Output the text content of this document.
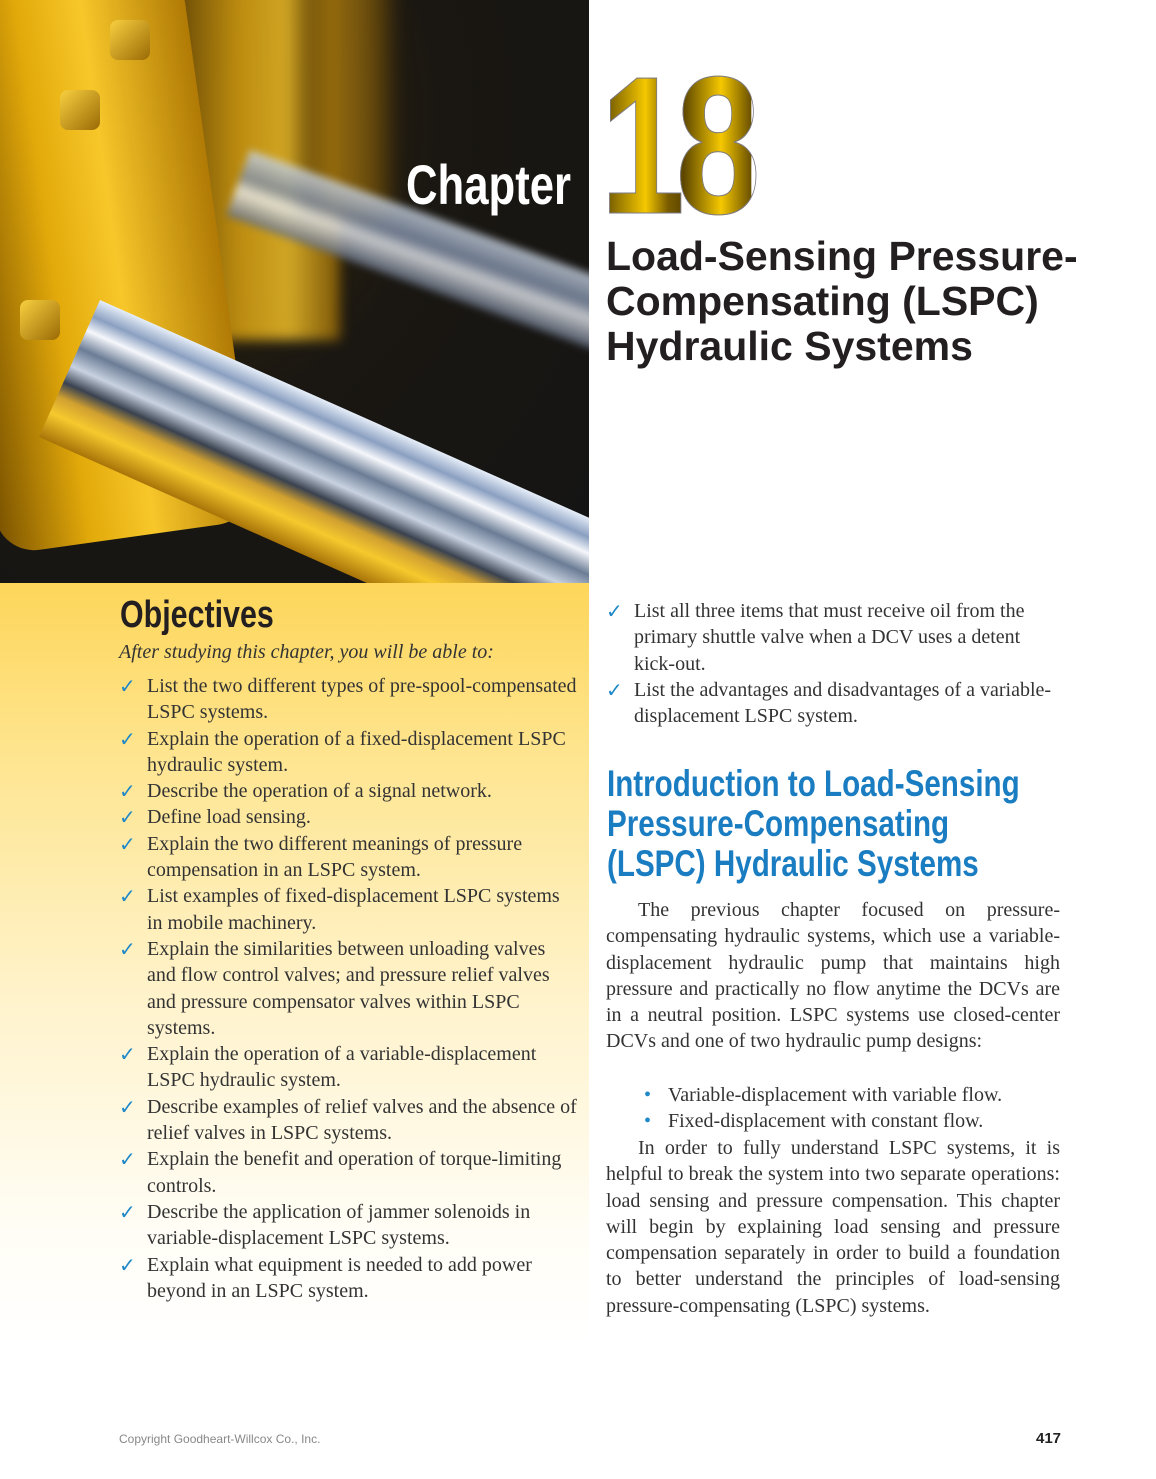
Chapter 18
Load-Sensing Pressure-Compensating (LSPC) Hydraulic Systems
Objectives
After studying this chapter, you will be able to:
✓ List the two different types of pre-spool-compensated LSPC systems.
✓ Explain the operation of a fixed-displacement LSPC hydraulic system.
✓ Describe the operation of a signal network.
✓ Define load sensing.
✓ Explain the two different meanings of pressure compensation in an LSPC system.
✓ List examples of fixed-displacement LSPC systems in mobile machinery.
✓ Explain the similarities between unloading valves and flow control valves; and pressure relief valves and pressure compensator valves within LSPC systems.
✓ Explain the operation of a variable-displacement LSPC hydraulic system.
✓ Describe examples of relief valves and the absence of relief valves in LSPC systems.
✓ Explain the benefit and operation of torque-limiting controls.
✓ Describe the application of jammer solenoids in variable-displacement LSPC systems.
✓ Explain what equipment is needed to add power beyond in an LSPC system.
✓ List all three items that must receive oil from the primary shuttle valve when a DCV uses a detent kick-out.
✓ List the advantages and disadvantages of a variable-displacement LSPC system.
Introduction to Load-Sensing Pressure-Compensating (LSPC) Hydraulic Systems

The previous chapter focused on pressure-compensating hydraulic systems, which use a variable-displacement hydraulic pump that maintains high pressure and practically no flow anytime the DCVs are in a neutral position. LSPC systems use closed-center DCVs and one of two hydraulic pump designs:

• Variable-displacement with variable flow.
• Fixed-displacement with constant flow.

In order to fully understand LSPC systems, it is helpful to break the system into two separate operations: load sensing and pressure compensation. This chapter will begin by explaining load sensing and pressure compensation separately in order to build a foundation to better understand the principles of load-sensing pressure-compensating (LSPC) systems.

Copyright Goodheart-Willcox Co., Inc.	417
